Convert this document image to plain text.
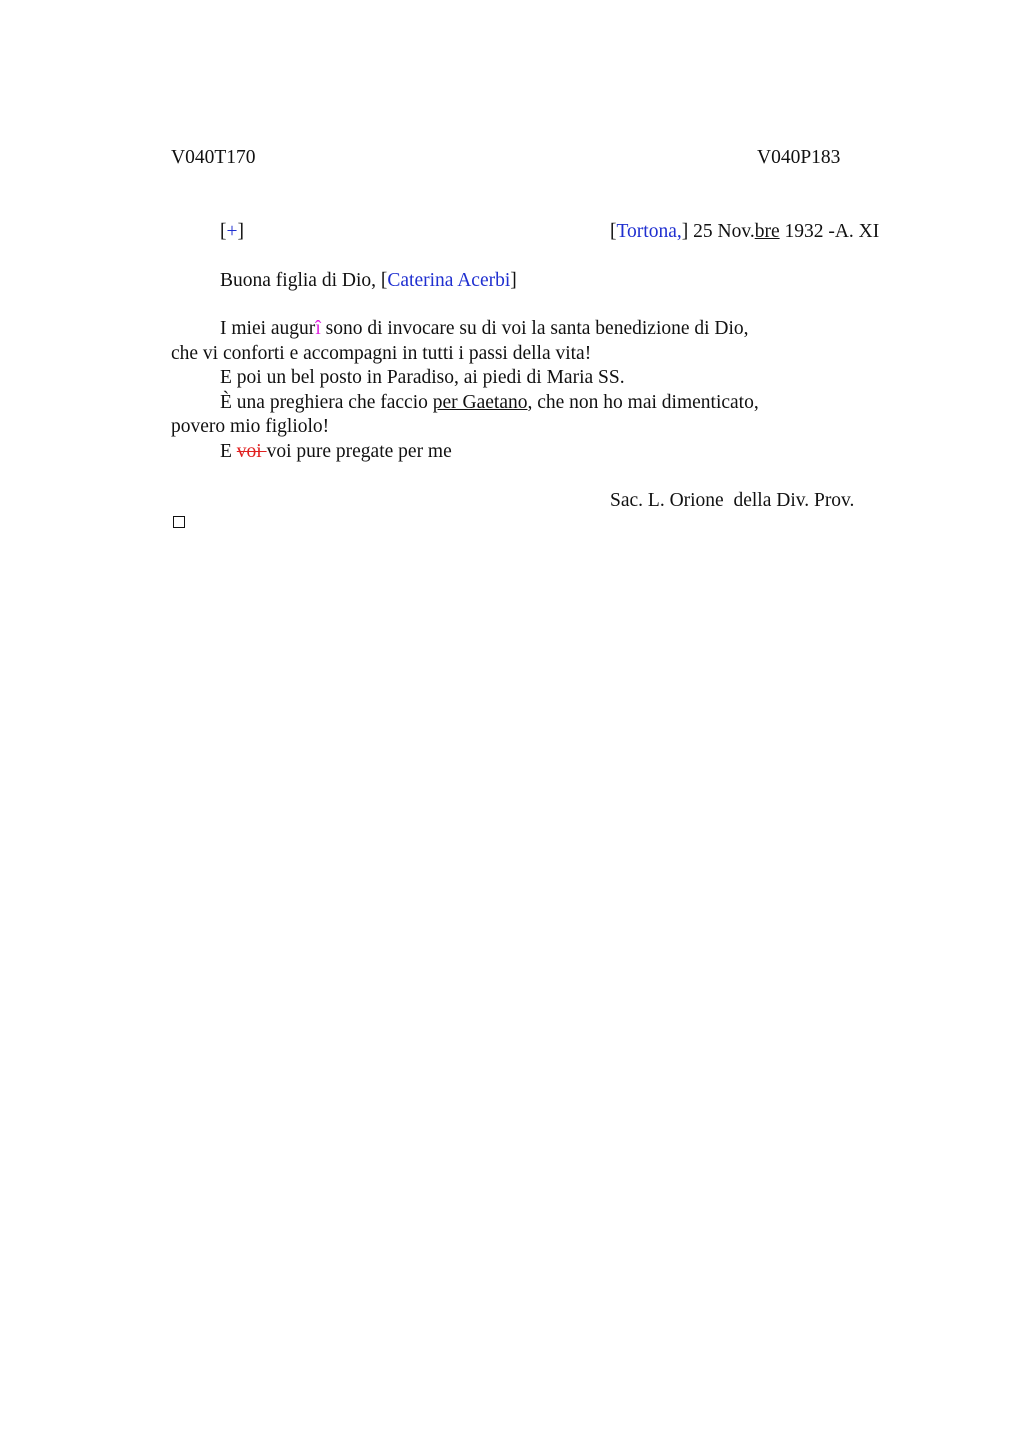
V040T170	V040P183
[+]	[Tortona,] 25 Nov.bre 1932 -A. XI
Buona figlia di Dio, [Caterina Acerbi]
I miei augurî sono di invocare su di voi la santa benedizione di Dio,
che vi conforti e accompagni in tutti i passi della vita!
E poi un bel posto in Paradiso, ai piedi di Maria SS.
È una preghiera che faccio per Gaetano, che non ho mai dimenticato,
povero mio figliolo!
E voi voi pure pregate per me
Sac. L. Orione  della Div. Prov.
